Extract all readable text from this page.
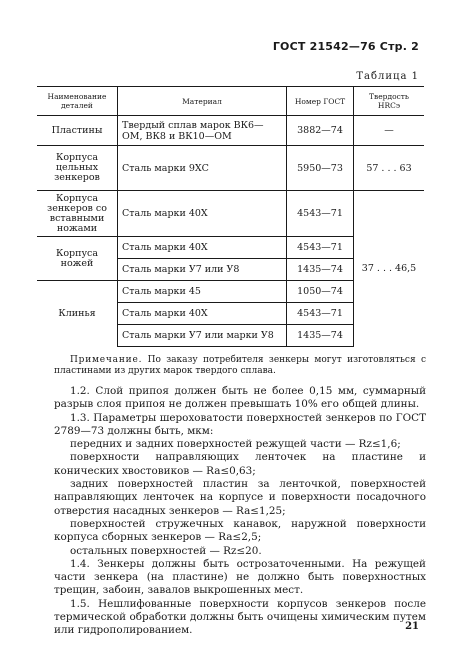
ГОСТ 21542—76 Стр. 2
Таблица 1
Наименование деталей	Материал	Номер ГОСТ	Твердость HRCэ
Пластины	Твердый сплав марок ВК6—ОМ, ВК8 и ВК10—ОМ	3882—74	—
Корпуса цельных зенкеров	Сталь марки 9ХС	5950—73	57 . . . 63
Корпуса зенкеров со вставными ножами	Сталь марки 40Х	4543—71	37 . . . 46,5
Корпуса ножей	Сталь марки 40Х	4543—71	
	Сталь марки У7 или У8	1435—74	
Клинья	Сталь марки 45	1050—74	
	Сталь марки 40Х	4543—71	
	Сталь марки У7 или марки У8	1435—74	
Примечание. По заказу потребителя зенкеры могут изготовляться с пластинами из других марок твердого сплава.

1.2. Слой припоя должен быть не более 0,15 мм, суммарный разрыв слоя припоя не должен превышать 10% его общей длины.

1.3. Параметры шероховатости поверхностей зенкеров по ГОСТ 2789—73 должны быть, мкм:

передних и задних поверхностей режущей части — Rz≤1,6;

поверхности направляющих ленточек на пластине и конических хвостовиков — Ra≤0,63;

задних поверхностей пластин за ленточкой, поверхностей направляющих ленточек на корпусе и поверхности посадочного отверстия насадных зенкеров — Ra≤1,25;

поверхностей стружечных канавок, наружной поверхности корпуса сборных зенкеров — Ra≤2,5;

остальных поверхностей — Rz≤20.

1.4. Зенкеры должны быть острозаточенными. На режущей части зенкера (на пластине) не должно быть поверхностных трещин, забоин, завалов выкрошенных мест.

1.5. Нешлифованные поверхности корпусов зенкеров после термической обработки должны быть очищены химическим путем или гидрополированием.	21
